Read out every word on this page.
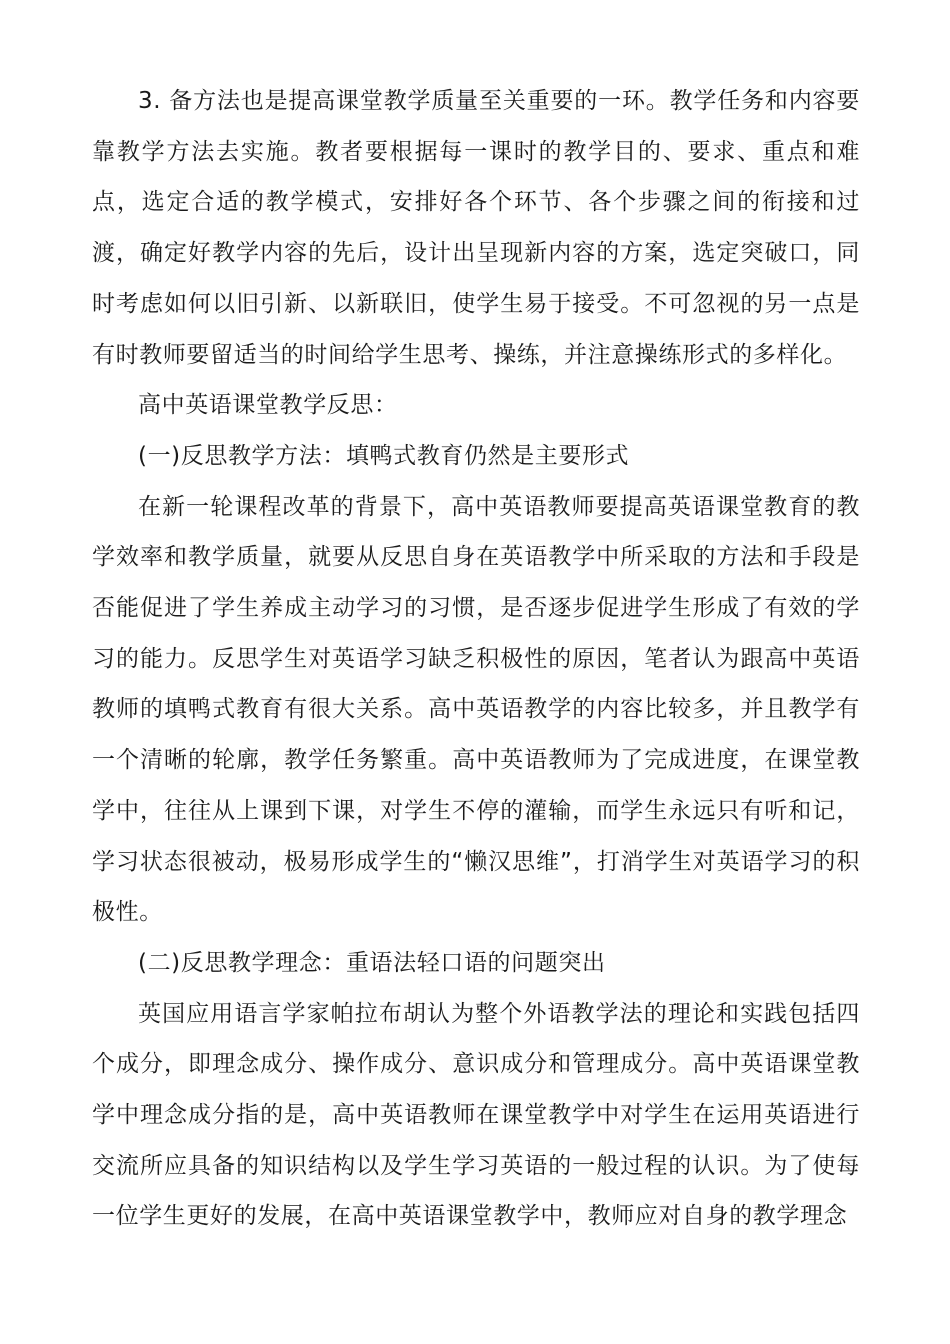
3. 备方法也是提高课堂教学质量至关重要的一环。教学任务和内容要靠教学方法去实施。教者要根据每一课时的教学目的、要求、重点和难点，选定合适的教学模式，安排好各个环节、各个步骤之间的衔接和过渡，确定好教学内容的先后，设计出呈现新内容的方案，选定突破口，同时考虑如何以旧引新、以新联旧，使学生易于接受。不可忽视的另一点是有时教师要留适当的时间给学生思考、操练，并注意操练形式的多样化。

高中英语课堂教学反思：

(一)反思教学方法：填鸭式教育仍然是主要形式

在新一轮课程改革的背景下，高中英语教师要提高英语课堂教育的教学效率和教学质量，就要从反思自身在英语教学中所采取的方法和手段是否能促进了学生养成主动学习的习惯，是否逐步促进学生形成了有效的学习的能力。反思学生对英语学习缺乏积极性的原因，笔者认为跟高中英语教师的填鸭式教育有很大关系。高中英语教学的内容比较多，并且教学有一个清晰的轮廓，教学任务繁重。高中英语教师为了完成进度，在课堂教学中，往往从上课到下课，对学生不停的灌输，而学生永远只有听和记，学习状态很被动，极易形成学生的“懒汉思维”，打消学生对英语学习的积极性。

(二)反思教学理念：重语法轻口语的问题突出

英国应用语言学家帕拉布胡认为整个外语教学法的理论和实践包括四个成分，即理念成分、操作成分、意识成分和管理成分。高中英语课堂教学中理念成分指的是，高中英语教师在课堂教学中对学生在运用英语进行交流所应具备的知识结构以及学生学习英语的一般过程的认识。为了使每一位学生更好的发展，在高中英语课堂教学中，教师应对自身的教学理念
